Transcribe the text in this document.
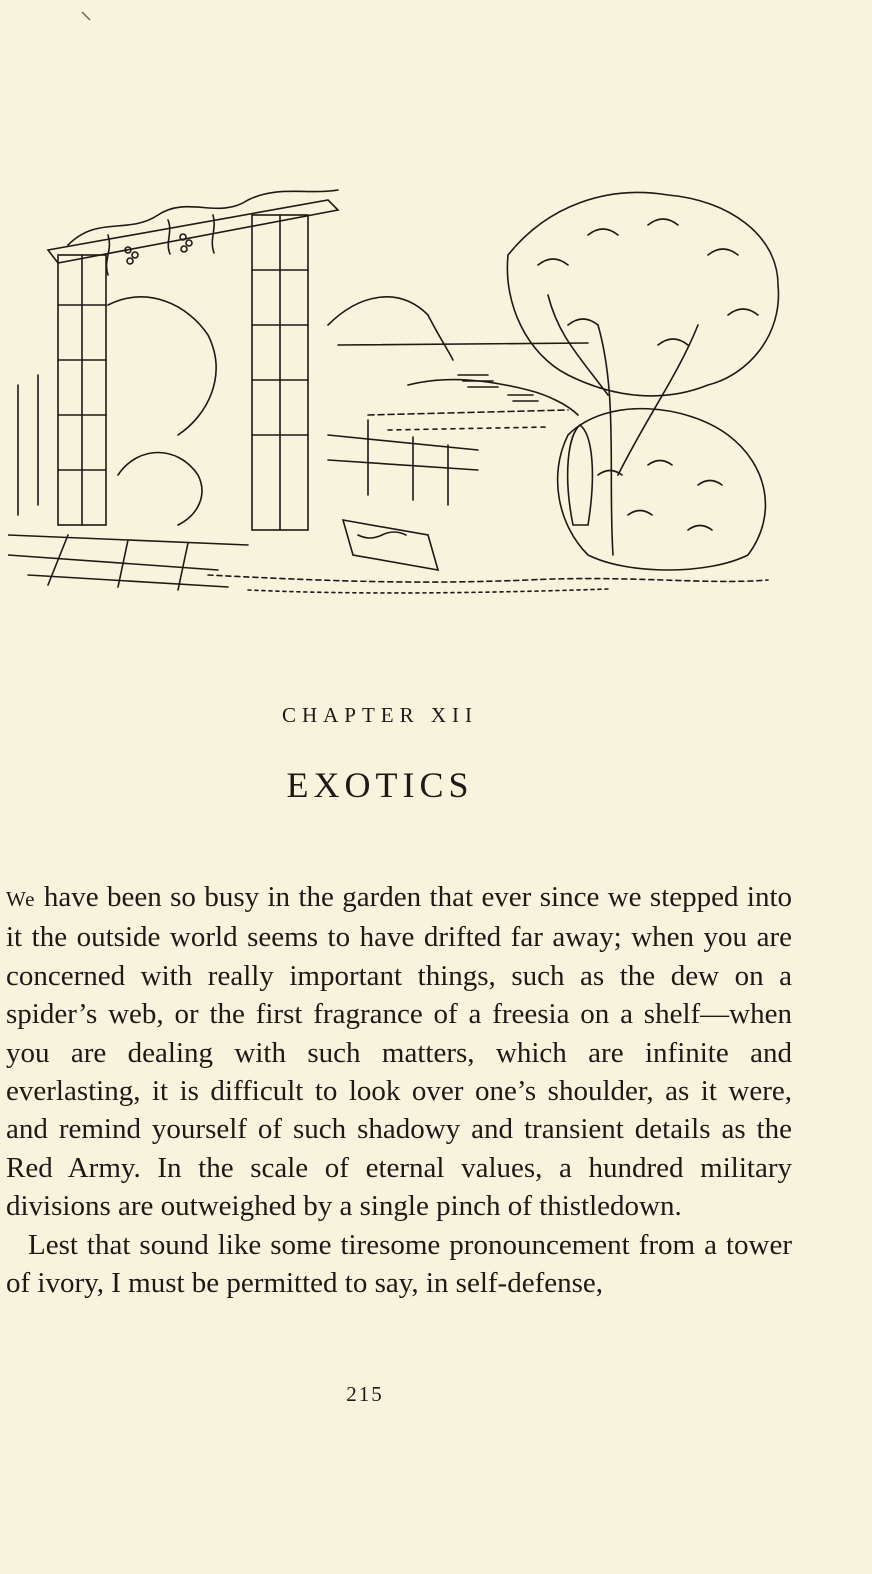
CHAPTER XII
EXOTICS

We have been so busy in the garden that ever since we stepped into it the outside world seems to have drifted far away; when you are concerned with really important things, such as the dew on a spider’s web, or the first fragrance of a freesia on a shelf—when you are dealing with such matters, which are infinite and everlasting, it is difficult to look over one’s shoulder, as it were, and remind yourself of such shadowy and transient details as the Red Army. In the scale of eternal values, a hundred military divisions are outweighed by a single pinch of thistledown.

Lest that sound like some tiresome pronouncement from a tower of ivory, I must be permitted to say, in self-defense,

215
